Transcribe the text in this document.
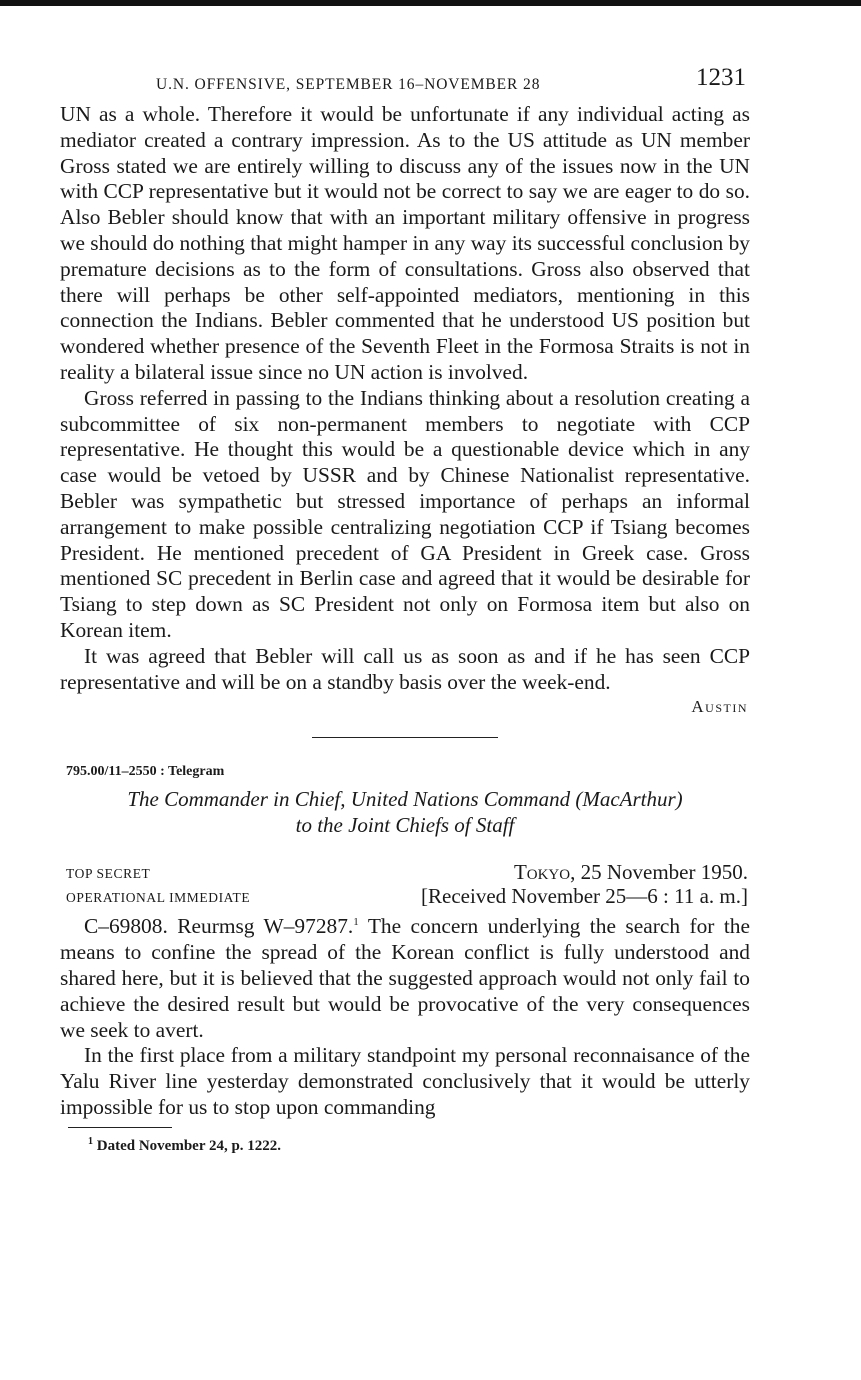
U.N. OFFENSIVE, SEPTEMBER 16–NOVEMBER 28	1231

UN as a whole. Therefore it would be unfortunate if any individual acting as mediator created a contrary impression. As to the US attitude as UN member Gross stated we are entirely willing to discuss any of the issues now in the UN with CCP representative but it would not be correct to say we are eager to do so. Also Bebler should know that with an important military offensive in progress we should do nothing that might hamper in any way its successful conclusion by premature decisions as to the form of consultations. Gross also observed that there will perhaps be other self-appointed mediators, mentioning in this connection the Indians. Bebler commented that he understood US position but wondered whether presence of the Seventh Fleet in the Formosa Straits is not in reality a bilateral issue since no UN action is involved.

Gross referred in passing to the Indians thinking about a resolution creating a subcommittee of six non-permanent members to negotiate with CCP representative. He thought this would be a questionable device which in any case would be vetoed by USSR and by Chinese Nationalist representative. Bebler was sympathetic but stressed importance of perhaps an informal arrangement to make possible centralizing negotiation CCP if Tsiang becomes President. He mentioned precedent of GA President in Greek case. Gross mentioned SC precedent in Berlin case and agreed that it would be desirable for Tsiang to step down as SC President not only on Formosa item but also on Korean item.

It was agreed that Bebler will call us as soon as and if he has seen CCP representative and will be on a standby basis over the week-end.

Austin
795.00/11–2550 : Telegram
The Commander in Chief, United Nations Command (MacArthur)
to the Joint Chiefs of Staff
TOP SECRET	Tokyo, 25 November 1950.
OPERATIONAL IMMEDIATE	[Received November 25—6 : 11 a. m.]

C–69808. Reurmsg W–97287.$^1$ The concern underlying the search for the means to confine the spread of the Korean conflict is fully understood and shared here, but it is believed that the suggested approach would not only fail to achieve the desired result but would be provocative of the very consequences we seek to avert.

In the first place from a military standpoint my personal reconnaisance of the Yalu River line yesterday demonstrated conclusively that it would be utterly impossible for us to stop upon commanding

$^1$ Dated November 24, p. 1222.
